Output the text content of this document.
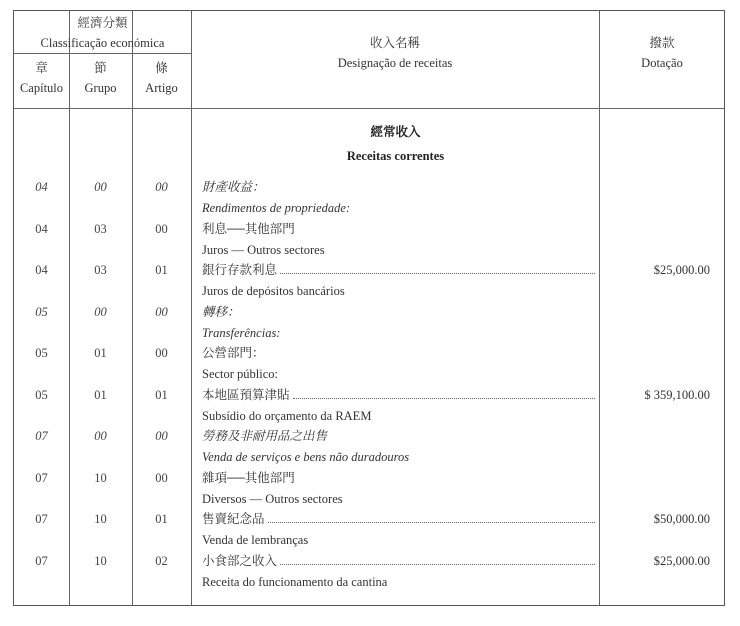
經濟分類
Classificação económica
章
Capítulo
節
Grupo
條
Artigo
收入名稱
Designação de receitas
撥款
Dotação
經常收入
Receitas correntes
04	00	00	財產收益：
Rendimentos de propriedade:
04	03	00	利息──其他部門
Juros — Outros sectores
04	03	01	銀行存款利息	$25,000.00
Juros de depósitos bancários
05	00	00	轉移：
Transferências:
05	01	00	公營部門：
Sector público:
05	01	01	本地區預算津貼	$ 359,100.00
Subsídio do orçamento da RAEM
07	00	00	勞務及非耐用品之出售
Venda de serviços e bens não duradouros
07	10	00	雜項──其他部門
Diversos — Outros sectores
07	10	01	售賣紀念品	$50,000.00
Venda de lembranças
07	10	02	小食部之收入	$25,000.00
Receita do funcionamento da cantina
